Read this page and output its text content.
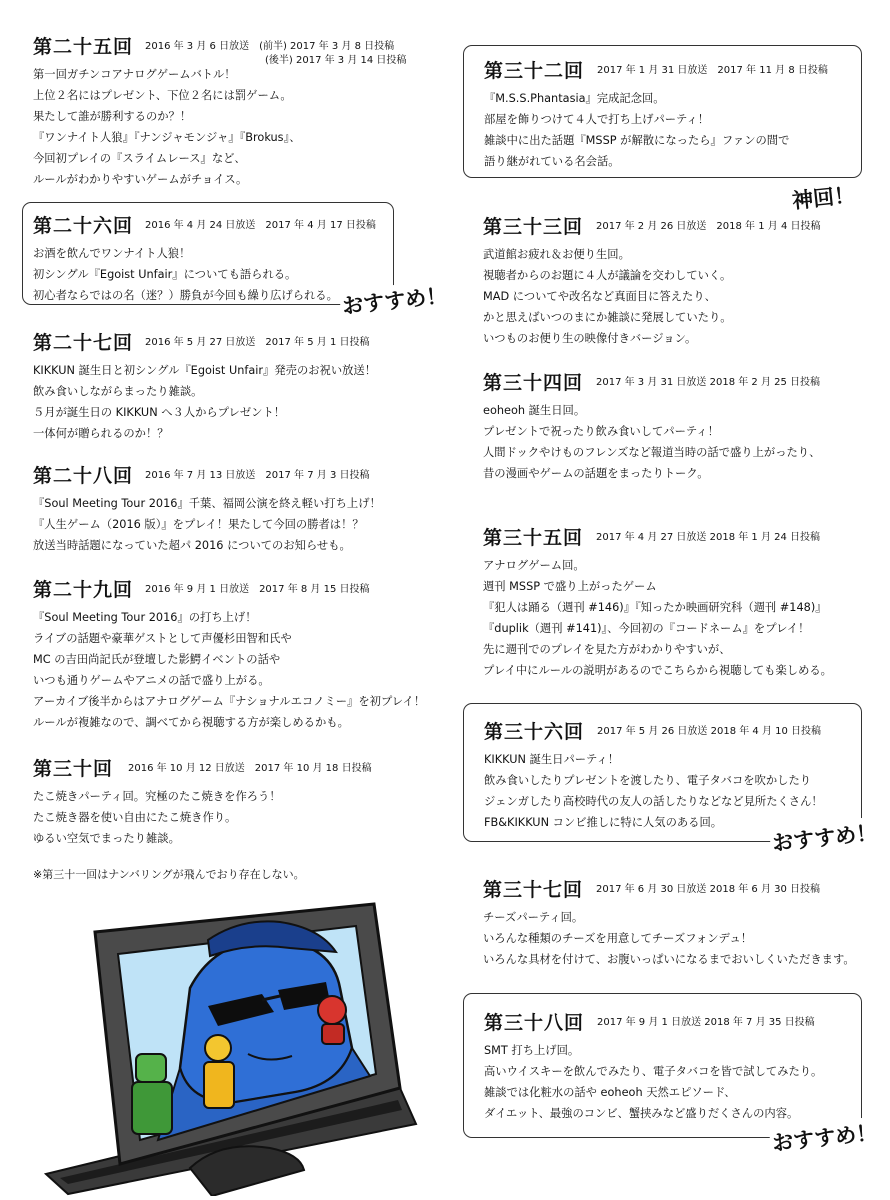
第二十五回 2016 年 3 月 6 日放送　(前半) 2017 年 3 月 8 日投稿
(後半) 2017 年 3 月 14 日投稿
第一回ガチンコアナログゲームバトル！
上位２名にはプレゼント、下位２名には罰ゲーム。
果たして誰が勝利するのか？！
『ワンナイト人狼』『ナンジャモンジャ』『Brokus』、
今回初プレイの『スライムレース』など、
ルールがわかりやすいゲームがチョイス。
第二十六回 2016 年 4 月 24 日放送　2017 年 4 月 17 日投稿
お酒を飲んでワンナイト人狼！
初シングル『Egoist Unfair』についても語られる。
初心者ならではの名（迷？）勝負が今回も繰り広げられる。 おすすめ！
第二十七回 2016 年 5 月 27 日放送　2017 年 5 月 1 日投稿
KIKKUN 誕生日と初シングル『Egoist Unfair』発売のお祝い放送！
飲み食いしながらまったり雑談。
５月が誕生日の KIKKUN へ３人からプレゼント！
一体何が贈られるのか！？
第二十八回 2016 年 7 月 13 日放送　2017 年 7 月 3 日投稿
『Soul Meeting Tour 2016』千葉、福岡公演を終え軽い打ち上げ！
『人生ゲーム（2016 版）』をプレイ！果たして今回の勝者は！？
放送当時話題になっていた超パ 2016 についてのお知らせも。
第二十九回 2016 年 9 月 1 日放送　2017 年 8 月 15 日投稿
『Soul Meeting Tour 2016』の打ち上げ！
ライブの話題や豪華ゲストとして声優杉田智和氏や
MC の吉田尚記氏が登壇した影鰐イベントの話や
いつも通りゲームやアニメの話で盛り上がる。
アーカイブ後半からはアナログゲーム『ナショナルエコノミー』を初プレイ！
ルールが複雑なので、調べてから視聴する方が楽しめるかも。
第三十回 2016 年 10 月 12 日放送　2017 年 10 月 18 日投稿
たこ焼きパーティ回。究極のたこ焼きを作ろう！
たこ焼き器を使い自由にたこ焼き作り。
ゆるい空気でまったり雑談。
※第三十一回はナンバリングが飛んでおり存在しない。
第三十二回 2017 年 1 月 31 日放送　2017 年 11 月 8 日投稿
『M.S.S.Phantasia』完成記念回。
部屋を飾りつけて４人で打ち上げパーティ！
雑談中に出た話題『MSSP が解散になったら』ファンの間で
語り継がれている名会話。
神回！
第三十三回 2017 年 2 月 26 日放送　2018 年 1 月 4 日投稿
武道館お疲れ＆お便り生回。
視聴者からのお題に４人が議論を交わしていく。
MAD についてや改名など真面目に答えたり、
かと思えばいつのまにか雑談に発展していたり。
いつものお便り生の映像付きバージョン。
第三十四回 2017 年 3 月 31 日放送 2018 年 2 月 25 日投稿
eoheoh 誕生日回。
プレゼントで祝ったり飲み食いしてパーティ！
人間ドックやけものフレンズなど報道当時の話で盛り上がったり、
昔の漫画やゲームの話題をまったりトーク。
第三十五回 2017 年 4 月 27 日放送 2018 年 1 月 24 日投稿
アナログゲーム回。
週刊 MSSP で盛り上がったゲーム
『犯人は踊る（週刊 #146)』『知ったか映画研究科（週刊 #148)』
『duplik（週刊 #141)』、今回初の『コードネーム』をプレイ！
先に週刊でのプレイを見た方がわかりやすいが、
プレイ中にルールの説明があるのでこちらから視聴しても楽しめる。
第三十六回 2017 年 5 月 26 日放送 2018 年 4 月 10 日投稿
KIKKUN 誕生日パーティ！
飲み食いしたりプレゼントを渡したり、電子タバコを吹かしたり
ジェンガしたり高校時代の友人の話したりなどなど見所たくさん！
FB&KIKKUN コンビ推しに特に人気のある回。	おすすめ！
第三十七回 2017 年 6 月 30 日放送 2018 年 6 月 30 日投稿
チーズパーティ回。
いろんな種類のチーズを用意してチーズフォンデュ！
いろんな具材を付けて、お腹いっぱいになるまでおいしくいただきます。
第三十八回 2017 年 9 月 1 日放送 2018 年 7 月 35 日投稿
SMT 打ち上げ回。
高いウイスキーを飲んでみたり、電子タバコを皆で試してみたり。
雑談では化粧水の話や eoheoh 天然エピソード、
ダイエット、最強のコンビ、蟹挟みなど盛りだくさんの内容。
おすすめ！
